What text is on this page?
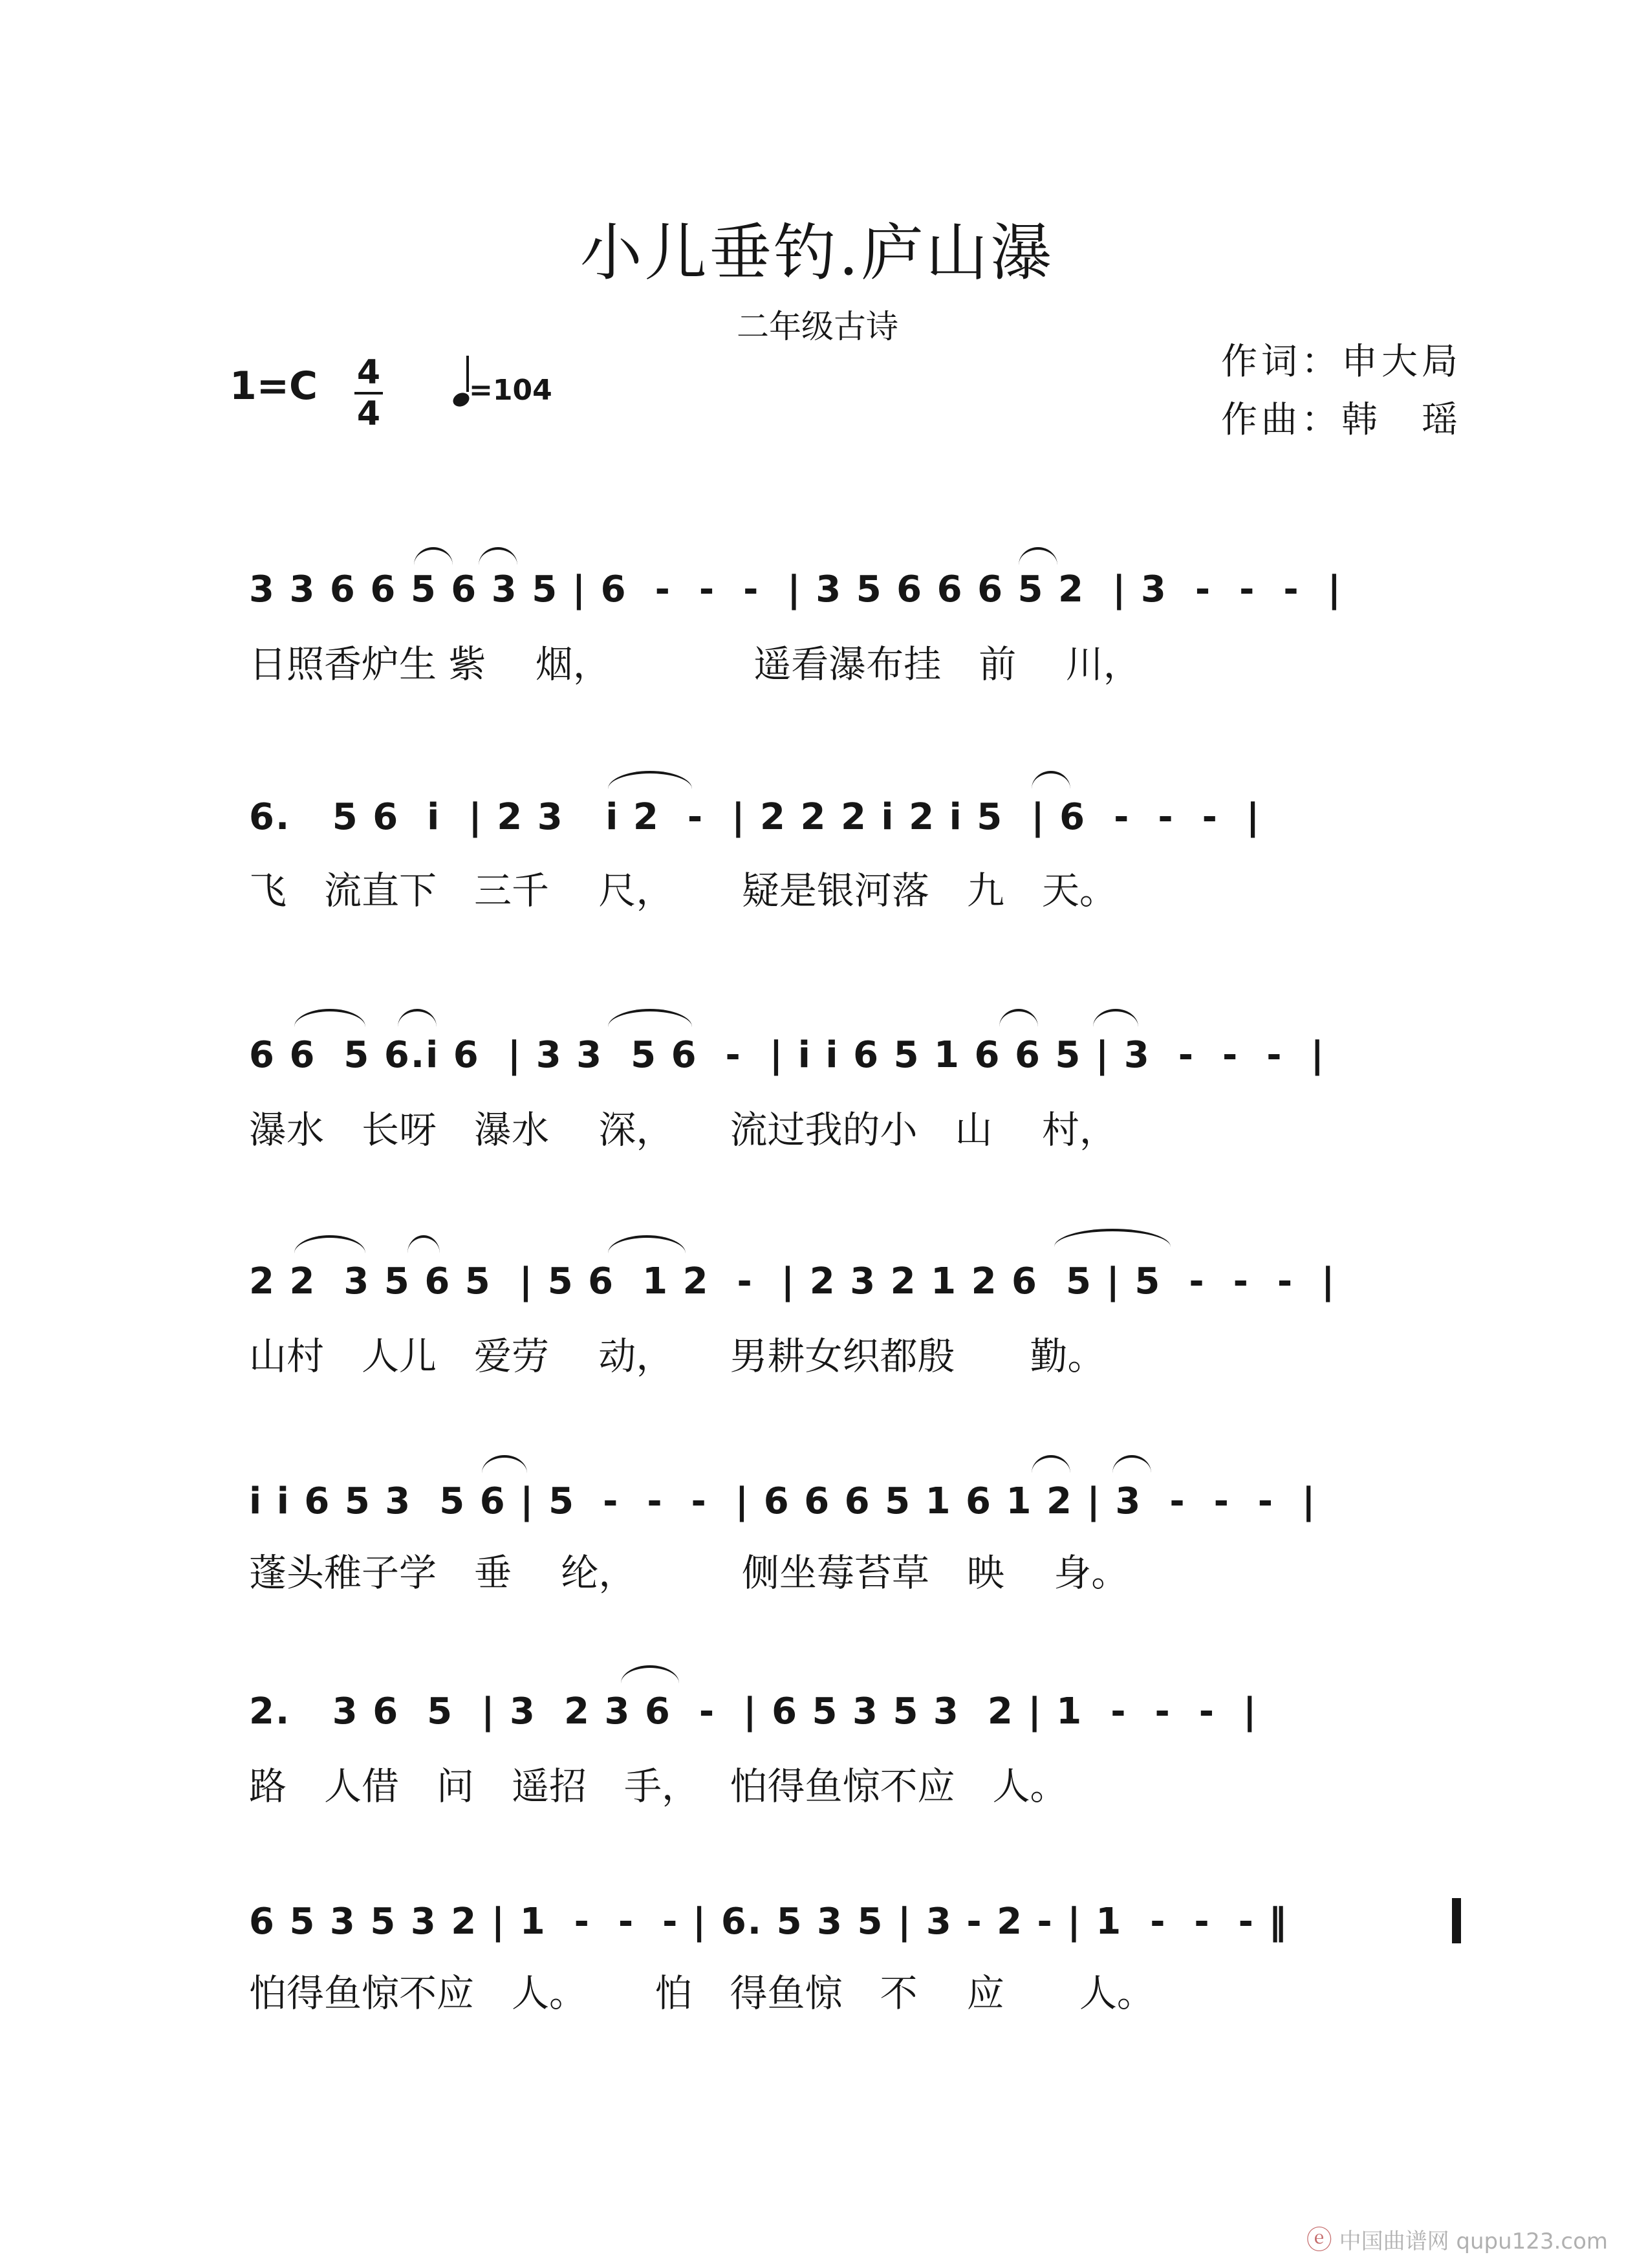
小儿垂钓.庐山瀑
二年级古诗
作词：申大局
作曲：韩　瑶
1=C 4
4
=104
3 3 6 6 5 6 3 5 | 6  -  -  -  | 3 5 6 6 6 5 2  | 3  -  -  -  |
日照香炉生 紫　 烟，　　　　 遥看瀑布挂　前　 川，
6.   5 6  i  | 2 3   i 2  -  | 2 2 2 i 2 i 5  | 6  -  -  -  |
飞　流直下　三千　 尺，　　 疑是银河落　九　天。
6 6  5 6.i 6  | 3 3  5 6  -  | i i 6 5 1 6 6 5 | 3  -  -  -  |
瀑水　长呀　瀑水　 深，　　流过我的小　山　 村，
2 2  3 5 6 5  | 5 6  1 2  -  | 2 3 2 1 2 6  5 | 5  -  -  -  |
山村　人儿　爱劳　 动，　　男耕女织都殷　　勤。
i i 6 5 3  5 6 | 5  -  -  -  | 6 6 6 5 1 6 1 2 | 3  -  -  -  |
蓬头稚子学　垂　 纶，　　　 侧坐莓苔草　映　 身。
2.   3 6  5  | 3  2 3 6  -  | 6 5 3 5 3  2 | 1  -  -  -  |
路　人借　问　遥招　手，　 怕得鱼惊不应　人。
6 5 3 5 3 2 | 1  -  -  - | 6. 5 3 5 | 3 - 2 - | 1  -  -  - ‖
怕得鱼惊不应　人。　　 怕　得鱼惊　不　 应　　人。
ⓔ 中国曲谱网 qupu123.com
